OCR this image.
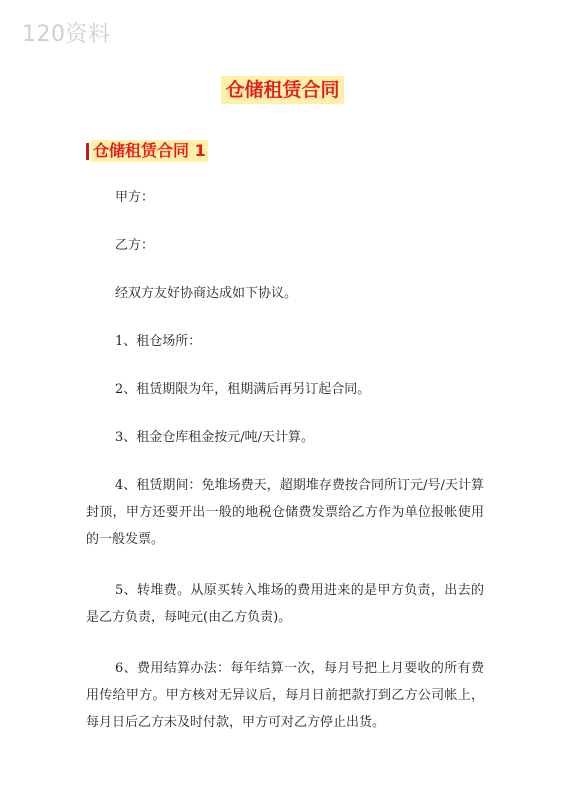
120资料
仓储租赁合同
仓储租赁合同 1

甲方：

乙方：

经双方友好协商达成如下协议。

1、租仓场所：

2、租赁期限为年，租期满后再另订起合同。

3、租金仓库租金按元/吨/天计算。

4、租赁期间：免堆场费天，超期堆存费按合同所订元/号/天计算封顶，甲方还要开出一般的地税仓储费发票给乙方作为单位报帐使用的一般发票。

5、转堆费。从原买转入堆场的费用进来的是甲方负责，出去的是乙方负责，每吨元(由乙方负责)。

6、费用结算办法：每年结算一次，每月号把上月要收的所有费用传给甲方。甲方核对无异议后，每月日前把款打到乙方公司帐上，每月日后乙方未及时付款，甲方可对乙方停止出货。
